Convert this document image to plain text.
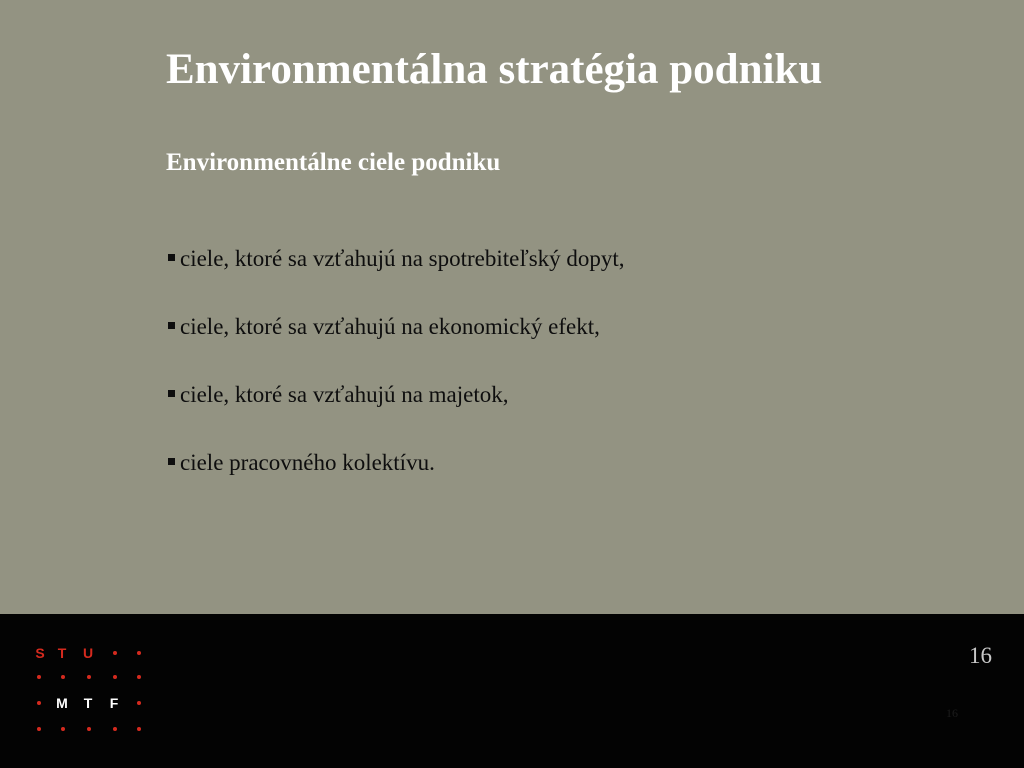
Environmentálna stratégia podniku
Environmentálne ciele podniku
ciele, ktoré sa vzťahujú na spotrebiteľský dopyt,
ciele, ktoré sa vzťahujú na ekonomický efekt,
ciele, ktoré sa vzťahujú na majetok,
ciele pracovného kolektívu.
S T	U
M	T	F
16
16
